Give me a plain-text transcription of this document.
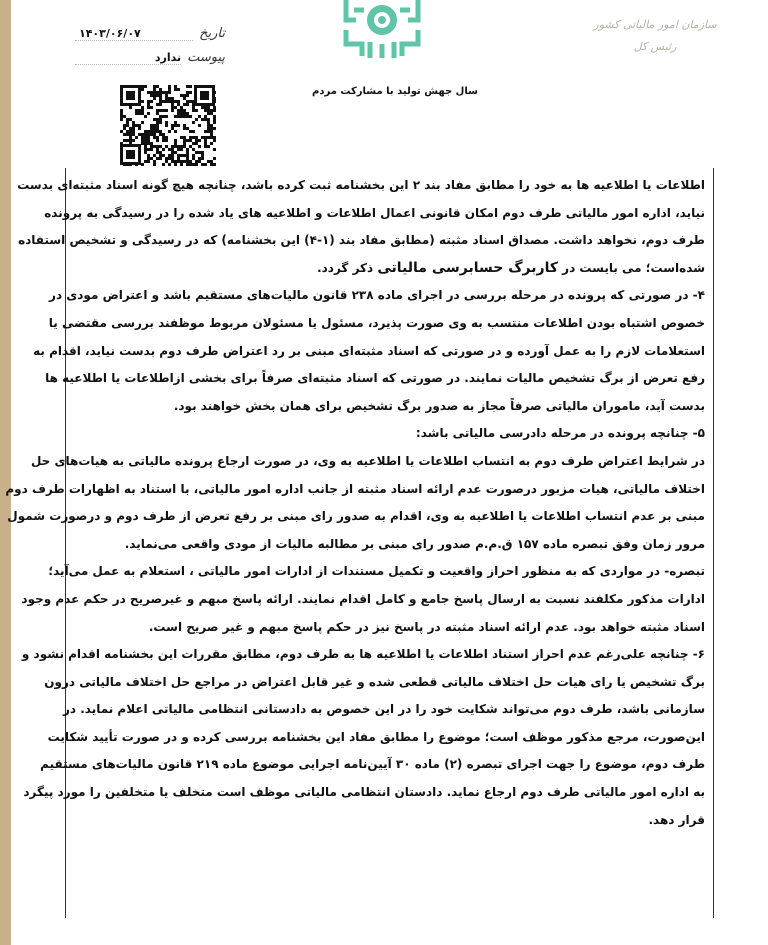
سازمان امور مالیاتی کشور
رئیس کل
تاریخ
۱۴۰۳/۰۶/۰۷
پیوست
ندارد
سال جهش تولید با مشارکت مردم
اطلاعات یا اطلاعیه ها به خود را مطابق مفاد بند ۲ این بخشنامه ثبت کرده باشد، چنانچه هیچ گونه اسناد مثبته‌ای بدست
نیاید، اداره امور مالیاتی طرف دوم امکان قانونی اعمال اطلاعات و اطلاعیه های یاد شده را در رسیدگی به پرونده
طرف دوم، نخواهد داشت. مصداق اسناد مثبته (مطابق مفاد بند (۱-۴) این بخشنامه) که در رسیدگی و تشخیص استفاده
شده‌است؛ می بایست در کاربرگ حسابرسی مالیاتی ذکر گردد.
۴- در صورتی که پرونده در مرحله بررسی در اجرای ماده ۲۳۸ قانون مالیات‌های مستقیم باشد و اعتراض مودی در
خصوص اشتباه بودن اطلاعات منتسب به وی صورت پذیرد، مسئول یا مسئولان مربوط موظفند بررسی مقتضی یا
استعلامات لازم را به عمل آورده و در صورتی که اسناد مثبته‌ای مبنی بر رد اعتراض طرف دوم بدست نیاید، اقدام به
رفع تعرض از برگ تشخیص مالیات نمایند. در صورتی که اسناد مثبته‌ای صرفاً برای بخشی ازاطلاعات یا اطلاعیه ها
بدست آید، ماموران مالیاتی صرفاً مجاز به صدور برگ تشخیص برای همان بخش خواهند بود.
۵- چنانچه پرونده در مرحله دادرسی مالیاتی باشد:
در شرایط اعتراض طرف دوم به انتساب اطلاعات یا اطلاعیه به وی، در صورت ارجاع پرونده مالیاتی به هیات‌های حل
اختلاف مالیاتی، هیات مزبور درصورت عدم ارائه اسناد مثبته از جانب اداره امور مالیاتی، با استناد به اظهارات طرف دوم
مبنی بر عدم انتساب اطلاعات یا اطلاعیه به وی، اقدام به صدور رای مبنی بر رفع تعرض از طرف دوم و درصورت شمول
مرور زمان وفق تبصره ماده ۱۵۷ ق.م.م صدور رای مبنی بر مطالبه مالیات از مودی واقعی می‌نماید.
تبصره- در مواردی که به منظور احراز واقعیت و تکمیل مستندات از ادارات امور مالیاتی ، استعلام به عمل می‌آید؛
ادارات مذکور مکلفند نسبت به ارسال پاسخ جامع و کامل اقدام نمایند. ارائه پاسخ مبهم و غیرصریح در حکم عدم وجود
اسناد مثبته خواهد بود. عدم ارائه اسناد مثبته در پاسخ نیز در حکم پاسخ مبهم و غیر صریح است.
۶- چنانچه علی‌رغم عدم احراز استناد اطلاعات یا اطلاعیه ها به طرف دوم، مطابق مقررات این بخشنامه اقدام نشود و
برگ تشخیص یا رای هیات حل اختلاف مالیاتی قطعی شده و غیر قابل اعتراض در مراجع حل اختلاف مالیاتی درون
سازمانی باشد، طرف دوم می‌تواند شکایت خود را در این خصوص به دادستانی انتظامی مالیاتی اعلام نماید. در
این‌صورت، مرجع مذکور موظف است؛ موضوع را مطابق مفاد این بخشنامه بررسی کرده و در صورت تأیید شکایت
طرف دوم، موضوع را جهت اجرای تبصره (۲) ماده ۳۰ آیین‌نامه اجرایی موضوع ماده ۲۱۹ قانون مالیات‌های مستقیم
به اداره امور مالیاتی طرف دوم ارجاع نماید. دادستان انتظامی مالیاتی موظف است متخلف یا متخلفین را مورد پیگرد
قرار دهد.
